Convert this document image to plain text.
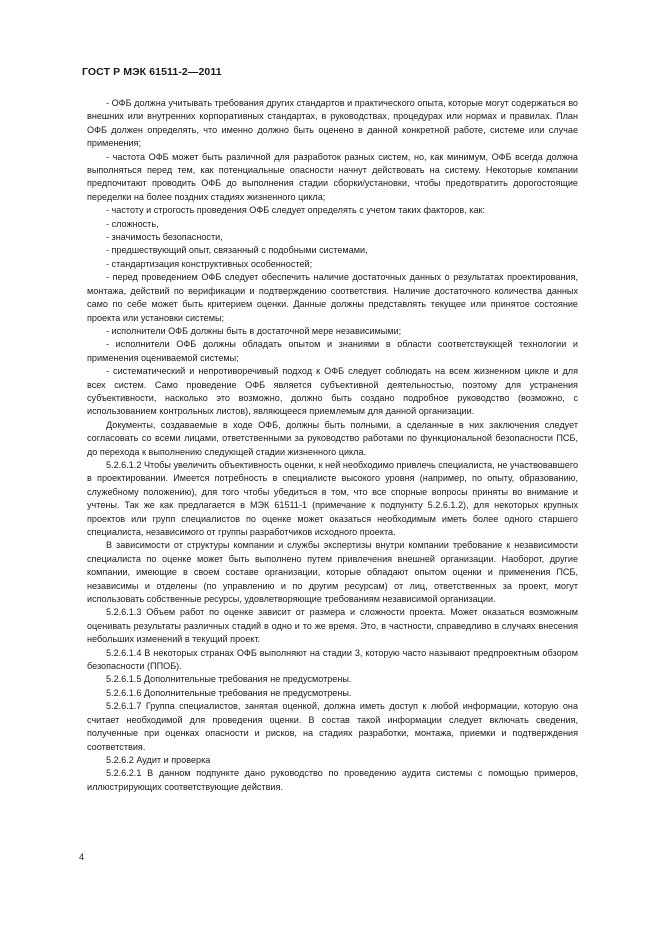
ГОСТ Р МЭК 61511-2—2011

- ОФБ должна учитывать требования других стандартов и практического опыта, которые могут содержаться во внешних или внутренних корпоративных стандартах, в руководствах, процедурах или нормах и правилах. План ОФБ должен определять, что именно должно быть оценено в данной конкретной работе, системе или случае применения;

- частота ОФБ может быть различной для разработок разных систем, но, как минимум, ОФБ всегда должна выполняться перед тем, как потенциальные опасности начнут действовать на систему. Некоторые компании предпочитают проводить ОФБ до выполнения стадии сборки/установки, чтобы предотвратить дорогостоящие переделки на более поздних стадиях жизненного цикла;

- частоту и строгость проведения ОФБ следует определять с учетом таких факторов, как:

- сложность,

- значимость безопасности,

- предшествующий опыт, связанный с подобными системами,

- стандартизация конструктивных особенностей;

- перед проведением ОФБ следует обеспечить наличие достаточных данных о результатах проектирования, монтажа, действий по верификации и подтверждению соответствия. Наличие достаточного количества данных само по себе может быть критерием оценки. Данные должны представлять текущее или принятое состояние проекта или установки системы;

- исполнители ОФБ должны быть в достаточной мере независимыми;

- исполнители ОФБ должны обладать опытом и знаниями в области соответствующей технологии и применения оцениваемой системы;

- систематический и непротиворечивый подход к ОФБ следует соблюдать на всем жизненном цикле и для всех систем. Само проведение ОФБ является субъективной деятельностью, поэтому для устранения субъективности, насколько это возможно, должно быть создано подробное руководство (возможно, с использованием контрольных листов), являющееся приемлемым для данной организации.

Документы, создаваемые в ходе ОФБ, должны быть полными, а сделанные в них заключения следует согласовать со всеми лицами, ответственными за руководство работами по функциональной безопасности ПСБ, до перехода к выполнению следующей стадии жизненного цикла.

5.2.6.1.2 Чтобы увеличить объективность оценки, к ней необходимо привлечь специалиста, не участвовавшего в проектировании. Имеется потребность в специалисте высокого уровня (например, по опыту, образованию, служебному положению), для того чтобы убедиться в том, что все спорные вопросы приняты во внимание и учтены. Так же как предлагается в МЭК 61511-1 (примечание к подпункту 5.2.6.1.2), для некоторых крупных проектов или групп специалистов по оценке может оказаться необходимым иметь более одного старшего специалиста, независимого от группы разработчиков исходного проекта.

В зависимости от структуры компании и службы экспертизы внутри компании требование к независимости специалиста по оценке может быть выполнено путем привлечения внешней организации. Наоборот, другие компании, имеющие в своем составе организации, которые обладают опытом оценки и применения ПСБ, независимы и отделены (по управлению и по другим ресурсам) от лиц, ответственных за проект, могут использовать собственные ресурсы, удовлетворяющие требованиям независимой организации.

5.2.6.1.3 Объем работ по оценке зависит от размера и сложности проекта. Может оказаться возможным оценивать результаты различных стадий в одно и то же время. Это, в частности, справедливо в случаях внесения небольших изменений в текущий проект.

5.2.6.1.4 В некоторых странах ОФБ выполняют на стадии 3, которую часто называют предпроектным обзором безопасности (ППОБ).

5.2.6.1.5 Дополнительные требования не предусмотрены.

5.2.6.1.6 Дополнительные требования не предусмотрены.

5.2.6.1.7 Группа специалистов, занятая оценкой, должна иметь доступ к любой информации, которую она считает необходимой для проведения оценки. В состав такой информации следует включать сведения, полученные при оценках опасности и рисков, на стадиях разработки, монтажа, приемки и подтверждения соответствия.

5.2.6.2 Аудит и проверка

5.2.6.2.1 В данном подпункте дано руководство по проведению аудита системы с помощью примеров, иллюстрирующих соответствующие действия.

4
